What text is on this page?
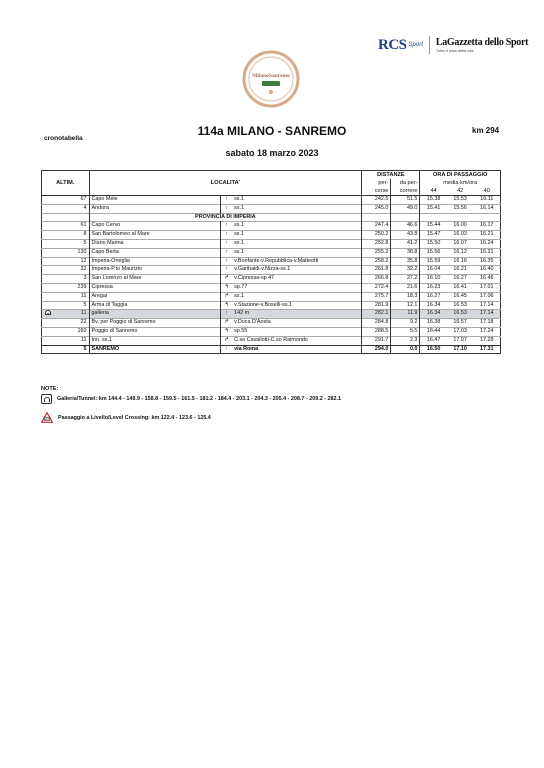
RCS Sport LaGazzetta dello Sport
Tutto il rosa della vita
MilanoSanremo
cronotabella
114a MILANO - SANREMO	km 294
sabato 18 marzo 2023
ALTIM.		LOCALITA'			DISTANZE		ORA DI PASSAGGIO		
					per-	da per-	media km/ora		
					corse	correre	44	42	40
	67	Capo Mele	↑	ss.1	242.5	51.5	15.38	15.53	16.11
	4	Andora	↑	ss.1	245.0	49.0	15.41	15.56	16.14
		PROVINCIA DI IMPERIA							
	61	Capo Cervo	↑	ss.1	247.4	46.6	15.44	16.00	16.17
	8	San Bartolomeo al Mare	↑	ss.1	250.2	43.8	15.47	16.03	16.21
	5	Diano Marina	↑	ss.1	252.8	41.2	15.50	16.07	16.24
	130	Capo Berta	↑	ss.1	255.2	38.8	15.56	16.12	16.31
	12	Imperia-Oneglia	↑	v.Bonfante-v.Repubblica-v.Matteotti	258.2	35.8	15.59	16.16	16.35
	32	Imperia-P.to Maurizio	↑	v.Garibaldi-v.Nizza-ss.1	261.8	32.2	16.04	16.21	16.40
	3	San Lorenzo al Mare	↱	v.Cipressa-sp.47	266.8	27.2	16.10	16.27	16.46
	239	Cipressa	↰	sp.77	272.4	21.6	16.23	16.41	17.01
	11	Aregai	↱	ss.1	275.7	18.3	16.27	16.45	17.06
	5	Arma di Taggia	↰	v.Stazione-v.Boselli-ss.1	281.9	12.1	16.34	16.53	17.14
	11	galleria	↑	142 m	282.1	11.9	16.34	16.53	17.14
	22	Bv. per Poggio di Sanremo	↱	v.Duca D'Aosta	284.8	9.2	16.38	16.57	17.18
	160	Poggio di Sanremo	↰	sp.55	288.5	5.5	16.44	17.03	17.24
	11	Inn. ss.1	↱	C.so Cavallotti-C.so Raimondo	291.7	2.3	16.47	17.07	17.28
	5	SANREMO	↑	via Roma	294.0	0.0	16.50	17.10	17.31
NOTE:
Galleria/Tunnel: km 144.4 - 149.9 - 158.8 - 159.5 - 161.5 - 181.2 - 184.4 - 203.1 - 204.3 - 205.4 - 208.7 - 209.2 - 282.1
Passaggio a Livello/Level Crossing: km 122.4 - 123.6 - 125.4
